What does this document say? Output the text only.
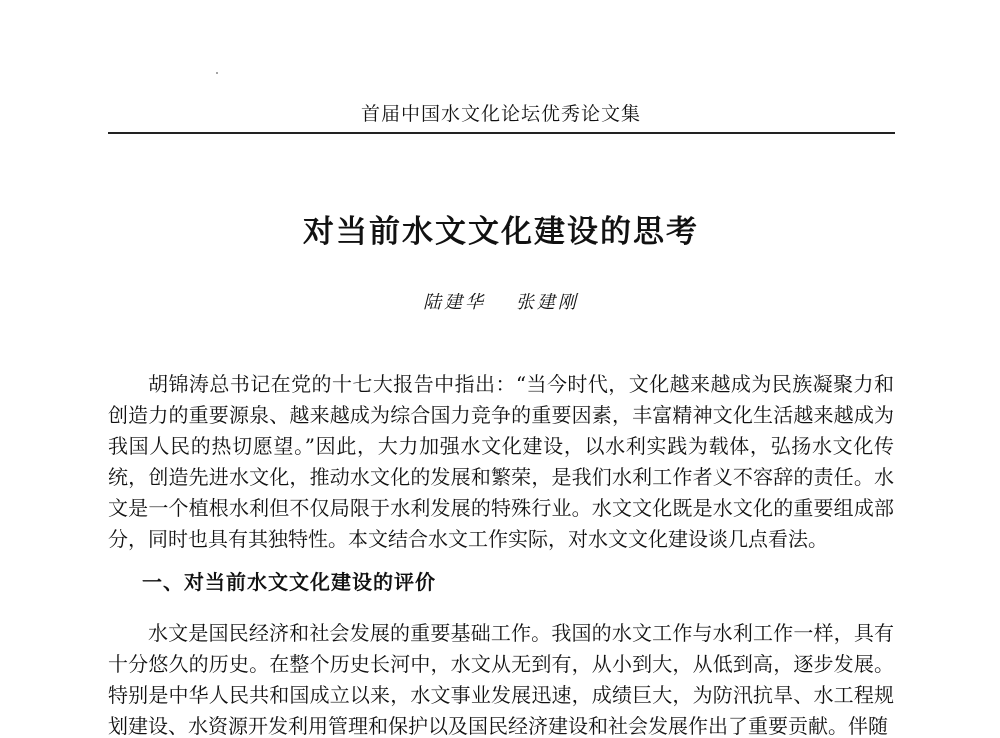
首届中国水文化论坛优秀论文集
对当前水文文化建设的思考
陆建华 张建刚

胡锦涛总书记在党的十七大报告中指出：“当今时代，文化越来越成为民族凝聚力和创造力的重要源泉、越来越成为综合国力竞争的重要因素，丰富精神文化生活越来越成为我国人民的热切愿望。”因此，大力加强水文化建设，以水利实践为载体，弘扬水文化传统，创造先进水文化，推动水文化的发展和繁荣，是我们水利工作者义不容辞的责任。水文是一个植根水利但不仅局限于水利发展的特殊行业。水文文化既是水文化的重要组成部分，同时也具有其独特性。本文结合水文工作实际，对水文文化建设谈几点看法。

一、对当前水文文化建设的评价

水文是国民经济和社会发展的重要基础工作。我国的水文工作与水利工作一样，具有十分悠久的历史。在整个历史长河中，水文从无到有，从小到大，从低到高，逐步发展。特别是中华人民共和国成立以来，水文事业发展迅速，成绩巨大，为防汛抗旱、水工程规划建设、水资源开发利用管理和保护以及国民经济建设和社会发展作出了重要贡献。伴随
